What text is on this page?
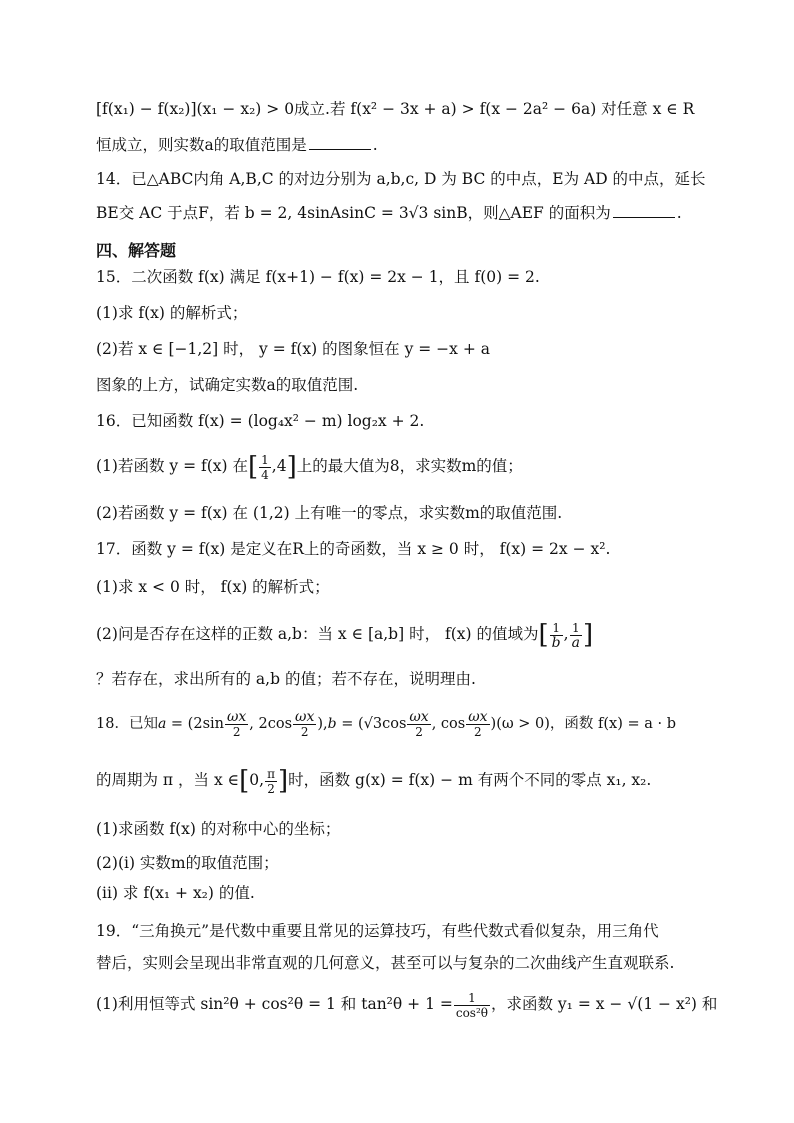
[f(x₁) − f(x₂)](x₁ − x₂) > 0成立.若 f(x² − 3x + a) > f(x − 2a² − 6a) 对任意 x ∈ R
恒成立，则实数a的取值范围是	.
14．已△ABC内角 A,B,C 的对边分别为 a,b,c, D 为 BC 的中点，E为 AD 的中点，延长
BE交 AC 于点F，若 b = 2, 4sinAsinC = 3√3 sinB，则△AEF 的面积为	.
四、解答题
15．二次函数 f(x) 满足 f(x+1) − f(x) = 2x − 1，且 f(0) = 2.
(1)求 f(x) 的解析式；
(2)若 x ∈ [−1,2] 时， y = f(x) 的图象恒在 y = −x + a
图象的上方，试确定实数a的取值范围.
16．已知函数 f(x) = (log₄x² − m) log₂x + 2.
(1)若函数 y = f(x) 在[ $\frac{1}{4} ,4$]上的最大值为8，求实数m的值；
(2)若函数 y = f(x) 在 (1,2) 上有唯一的零点，求实数m的取值范围.
17．函数 y = f(x) 是定义在R上的奇函数，当 x ≥ 0 时， f(x) = 2x − x².
(1)求 x < 0 时， f(x) 的解析式；
(2)问是否存在这样的正数 a,b：当 x ∈ [a,b] 时， f(x) 的值域为[ $\frac{1}{b}$ , $\frac{1}{a}$ ]
？若存在，求出所有的 a,b 的值；若不存在，说明理由.
18．已知$a = (2\sin \frac{\omega x}{2}$ , $2\cos \frac{\omega x}{2} ),b = (√3\cos \frac{\omega x}{2}$ , $\cos \frac{\omega x}{2} )(\omega > 0)$，函数 f(x) = a · b
的周期为 π ，当 x ∈[0, $\frac{\pi}{2}$ ]时，函数 g(x) = f(x) − m 有两个不同的零点 x₁, x₂.
(1)求函数 f(x) 的对称中心的坐标；
(2)(i) 实数m的取值范围；
(ii) 求 f(x₁ + x₂) 的值.
19．“三角换元”是代数中重要且常见的运算技巧，有些代数式看似复杂，用三角代
替后，实则会呈现出非常直观的几何意义，甚至可以与复杂的二次曲线产生直观联系.
(1)利用恒等式 sin²θ + cos²θ = 1 和 $\tan^2\theta + 1 = \frac{1}{\text{cos²θ}}$ ，求函数 y₁ = x − √(1 − x²) 和
